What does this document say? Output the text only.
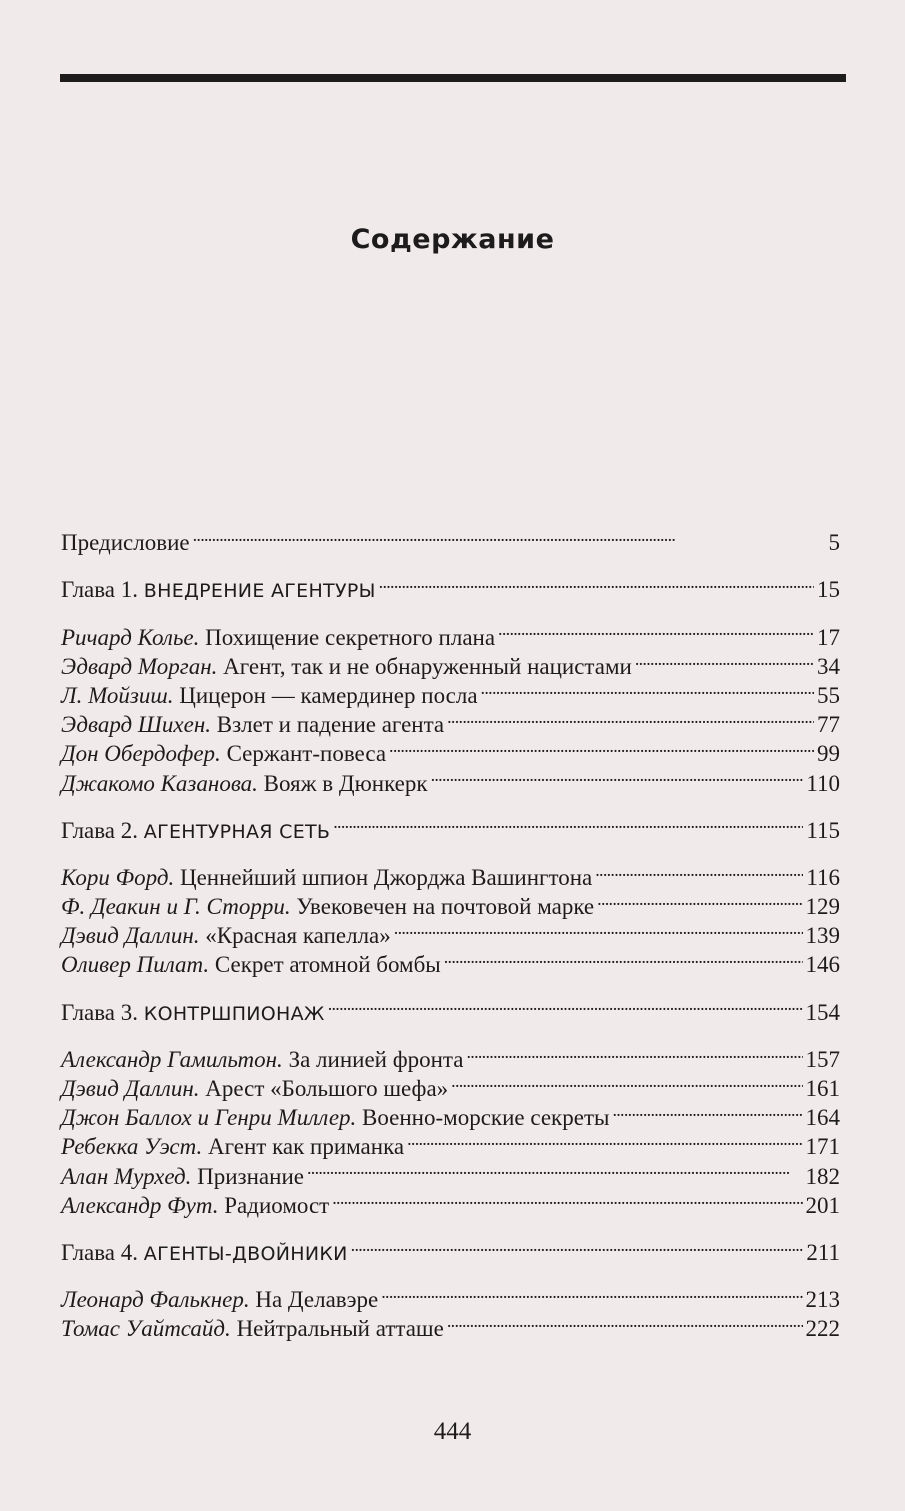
Содержание
Предисловие . . .	5
Глава 1. ВНЕДРЕНИЕ АГЕНТУРЫ . . .	15
Ричард Колье. Похищение секретного плана . . .	17
Эдвард Морган. Агент, так и не обнаруженный нацистами . . .	34
Л. Мойзиш. Цицерон — камердинер посла . . .	55
Эдвард Шихен. Взлет и падение агента . . .	77
Дон Обердофер. Сержант-повеса . . .	99
Джакомо Казанова. Вояж в Дюнкерк . . .	110
Глава 2. АГЕНТУРНАЯ СЕТЬ . . .	115
Кори Форд. Ценнейший шпион Джорджа Вашингтона . . .	116
Ф. Деакин и Г. Сторри. Увековечен на почтовой марке . . .	129
Дэвид Даллин. «Красная капелла» . . .	139
Оливер Пилат. Секрет атомной бомбы . . .	146
Глава 3. КОНТРШПИОНАЖ . . .	154
Александр Гамильтон. За линией фронта . . .	157
Дэвид Даллин. Арест «Большого шефа» . . .	161
Джон Баллох и Генри Миллер. Военно-морские секреты . . .	164
Ребекка Уэст. Агент как приманка . . .	171
Алан Мурхед. Признание . . .	182
Александр Фут. Радиомост . . .	201
Глава 4. АГЕНТЫ-ДВОЙНИКИ . . .	211
Леонард Фалькнер. На Делавэре . . .	213
Томас Уайтсайд. Нейтральный атташе . . .	222
444
